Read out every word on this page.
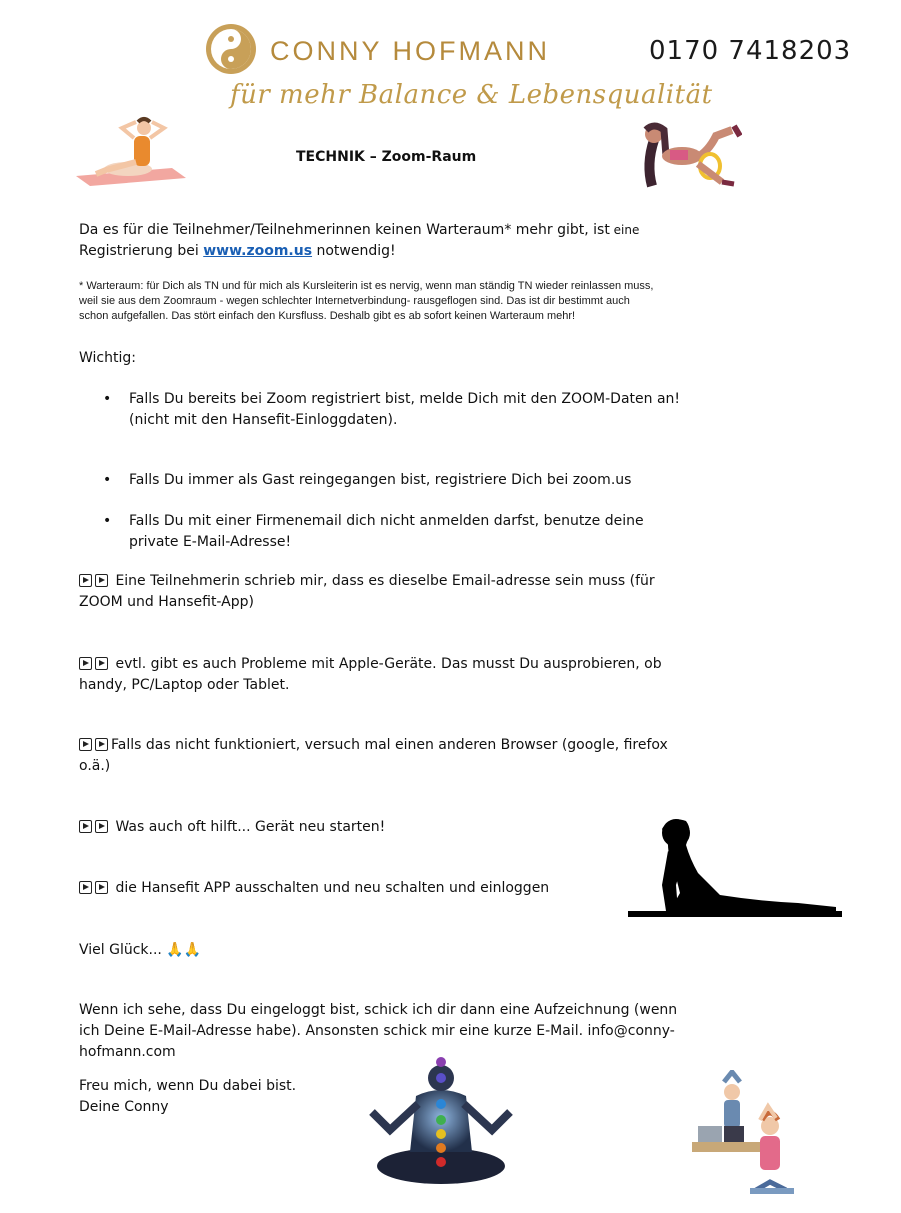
CONNY HOFMANN
für mehr Balance & Lebensqualität
0170 7418203
TECHNIK – Zoom-Raum
Da es für die Teilnehmer/Teilnehmerinnen keinen Warteraum* mehr gibt, ist eine
Registrierung bei www.zoom.us notwendig!
* Warteraum: für Dich als TN und für mich als Kursleiterin ist es nervig, wenn man ständig TN wieder reinlassen muss,
weil sie aus dem Zoomraum - wegen schlechter Internetverbindung- rausgeflogen sind. Das ist dir bestimmt auch
schon aufgefallen. Das stört einfach den Kursfluss. Deshalb gibt es ab sofort keinen Warteraum mehr!
Wichtig:
• Falls Du bereits bei Zoom registriert bist, melde Dich mit den ZOOM-Daten an!
(nicht mit den Hansefit-Einloggdaten).
• Falls Du immer als Gast reingegangen bist, registriere Dich bei zoom.us
• Falls Du mit einer Firmenemail dich nicht anmelden darfst, benutze deine
private E-Mail-Adresse!
Eine Teilnehmerin schrieb mir, dass es dieselbe Email-adresse sein muss (für
ZOOM und Hansefit-App)
evtl. gibt es auch Probleme mit Apple-Geräte. Das musst Du ausprobieren, ob
handy, PC/Laptop oder Tablet.
Falls das nicht funktioniert, versuch mal einen anderen Browser (google, firefox
o.ä.)
Was auch oft hilft... Gerät neu starten!
die Hansefit APP ausschalten und neu schalten und einloggen
Viel Glück... 🙏🙏
Wenn ich sehe, dass Du eingeloggt bist, schick ich dir dann eine Aufzeichnung (wenn
ich Deine E-Mail-Adresse habe). Ansonsten schick mir eine kurze E-Mail. info@conny-
hofmann.com
Freu mich, wenn Du dabei bist.
Deine Conny
